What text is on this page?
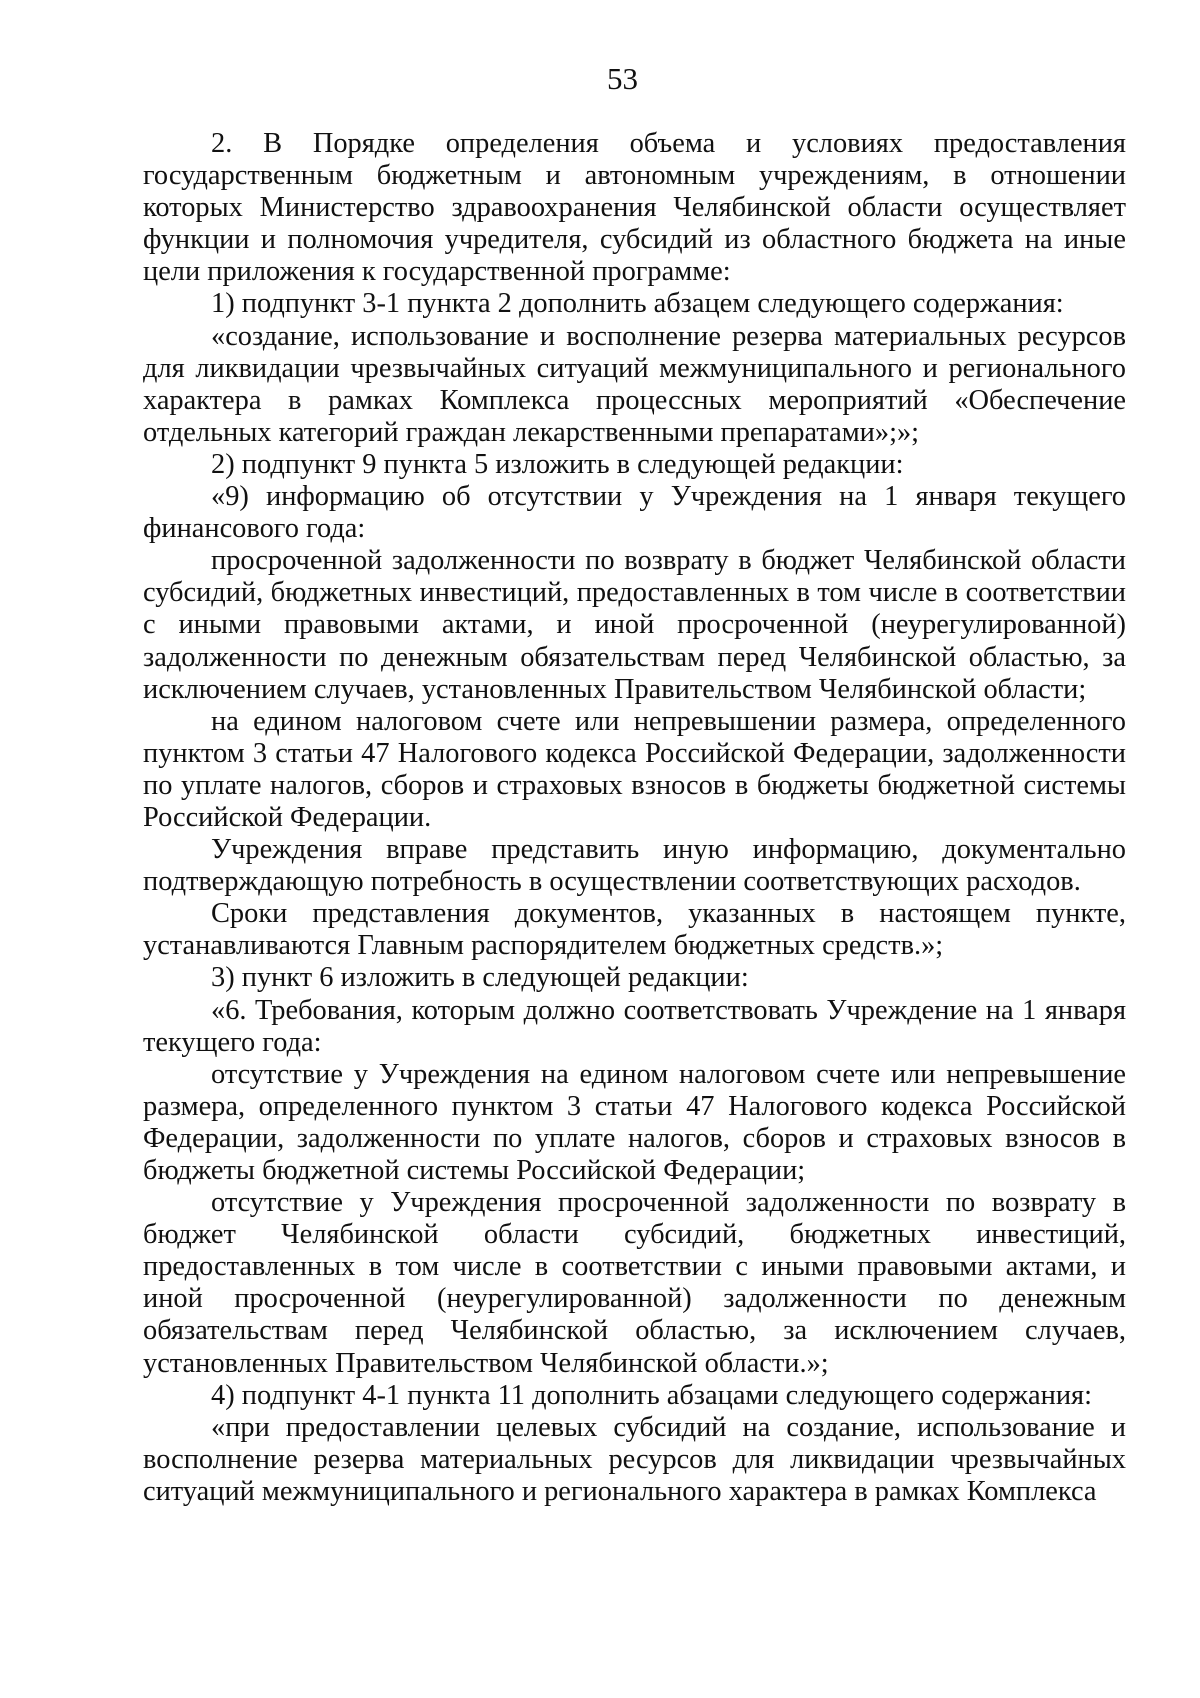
53

2. В Порядке определения объема и условиях предоставления государственным бюджетным и автономным учреждениям, в отношении которых Министерство здравоохранения Челябинской области осуществляет функции и полномочия учредителя, субсидий из областного бюджета на иные цели приложения к государственной программе:

1) подпункт 3-1 пункта 2 дополнить абзацем следующего содержания:

«создание, использование и восполнение резерва материальных ресурсов для ликвидации чрезвычайных ситуаций межмуниципального и регионального характера в рамках Комплекса процессных мероприятий «Обеспечение отдельных категорий граждан лекарственными препаратами»;»;

2) подпункт 9 пункта 5 изложить в следующей редакции:

«9) информацию об отсутствии у Учреждения на 1 января текущего финансового года:

просроченной задолженности по возврату в бюджет Челябинской области субсидий, бюджетных инвестиций, предоставленных в том числе в соответствии с иными правовыми актами, и иной просроченной (неурегулированной) задолженности по денежным обязательствам перед Челябинской областью, за исключением случаев, установленных Правительством Челябинской области;

на едином налоговом счете или непревышении размера, определенного пунктом 3 статьи 47 Налогового кодекса Российской Федерации, задолженности по уплате налогов, сборов и страховых взносов в бюджеты бюджетной системы Российской Федерации.

Учреждения вправе представить иную информацию, документально подтверждающую потребность в осуществлении соответствующих расходов.

Сроки представления документов, указанных в настоящем пункте, устанавливаются Главным распорядителем бюджетных средств.»;

3) пункт 6 изложить в следующей редакции:

«6. Требования, которым должно соответствовать Учреждение на 1 января текущего года:

отсутствие у Учреждения на едином налоговом счете или непревышение размера, определенного пунктом 3 статьи 47 Налогового кодекса Российской Федерации, задолженности по уплате налогов, сборов и страховых взносов в бюджеты бюджетной системы Российской Федерации;

отсутствие у Учреждения просроченной задолженности по возврату в бюджет Челябинской области субсидий, бюджетных инвестиций, предоставленных в том числе в соответствии с иными правовыми актами, и иной просроченной (неурегулированной) задолженности по денежным обязательствам перед Челябинской областью, за исключением случаев, установленных Правительством Челябинской области.»;

4) подпункт 4-1 пункта 11 дополнить абзацами следующего содержания:

«при предоставлении целевых субсидий на создание, использование и восполнение резерва материальных ресурсов для ликвидации чрезвычайных ситуаций межмуниципального и регионального характера в рамках Комплекса
